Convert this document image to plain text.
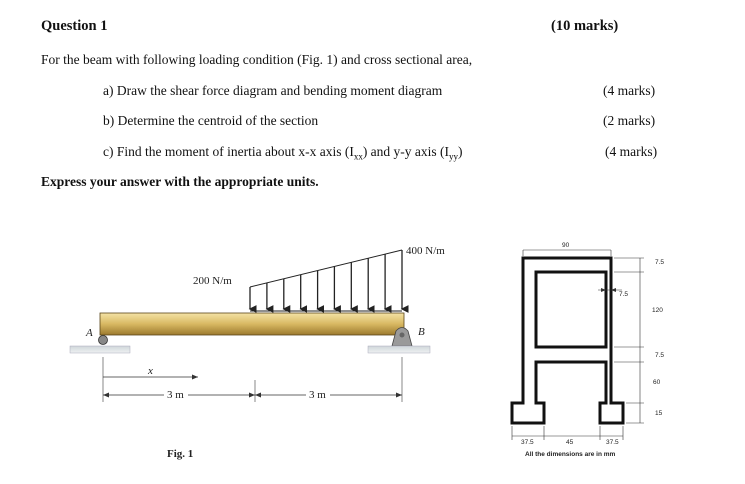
Question 1	(10 marks)
For the beam with following loading condition (Fig. 1) and cross sectional area,
a) Draw the shear force diagram and bending moment diagram	(4 marks)
b) Determine the centroid of the section	(2 marks)
c) Find the moment of inertia about x-x axis $(I_{xx})$ and y-y axis $(I_{yy})$	(4 marks)
Express your answer with the appropriate units.
200 N/m
400 N/m
A	B
x
3 m	3 m
Fig. 1
90
7.5
7.5
120
7.5
60
15
37.5	45	37.5
All the dimensions are in mm
